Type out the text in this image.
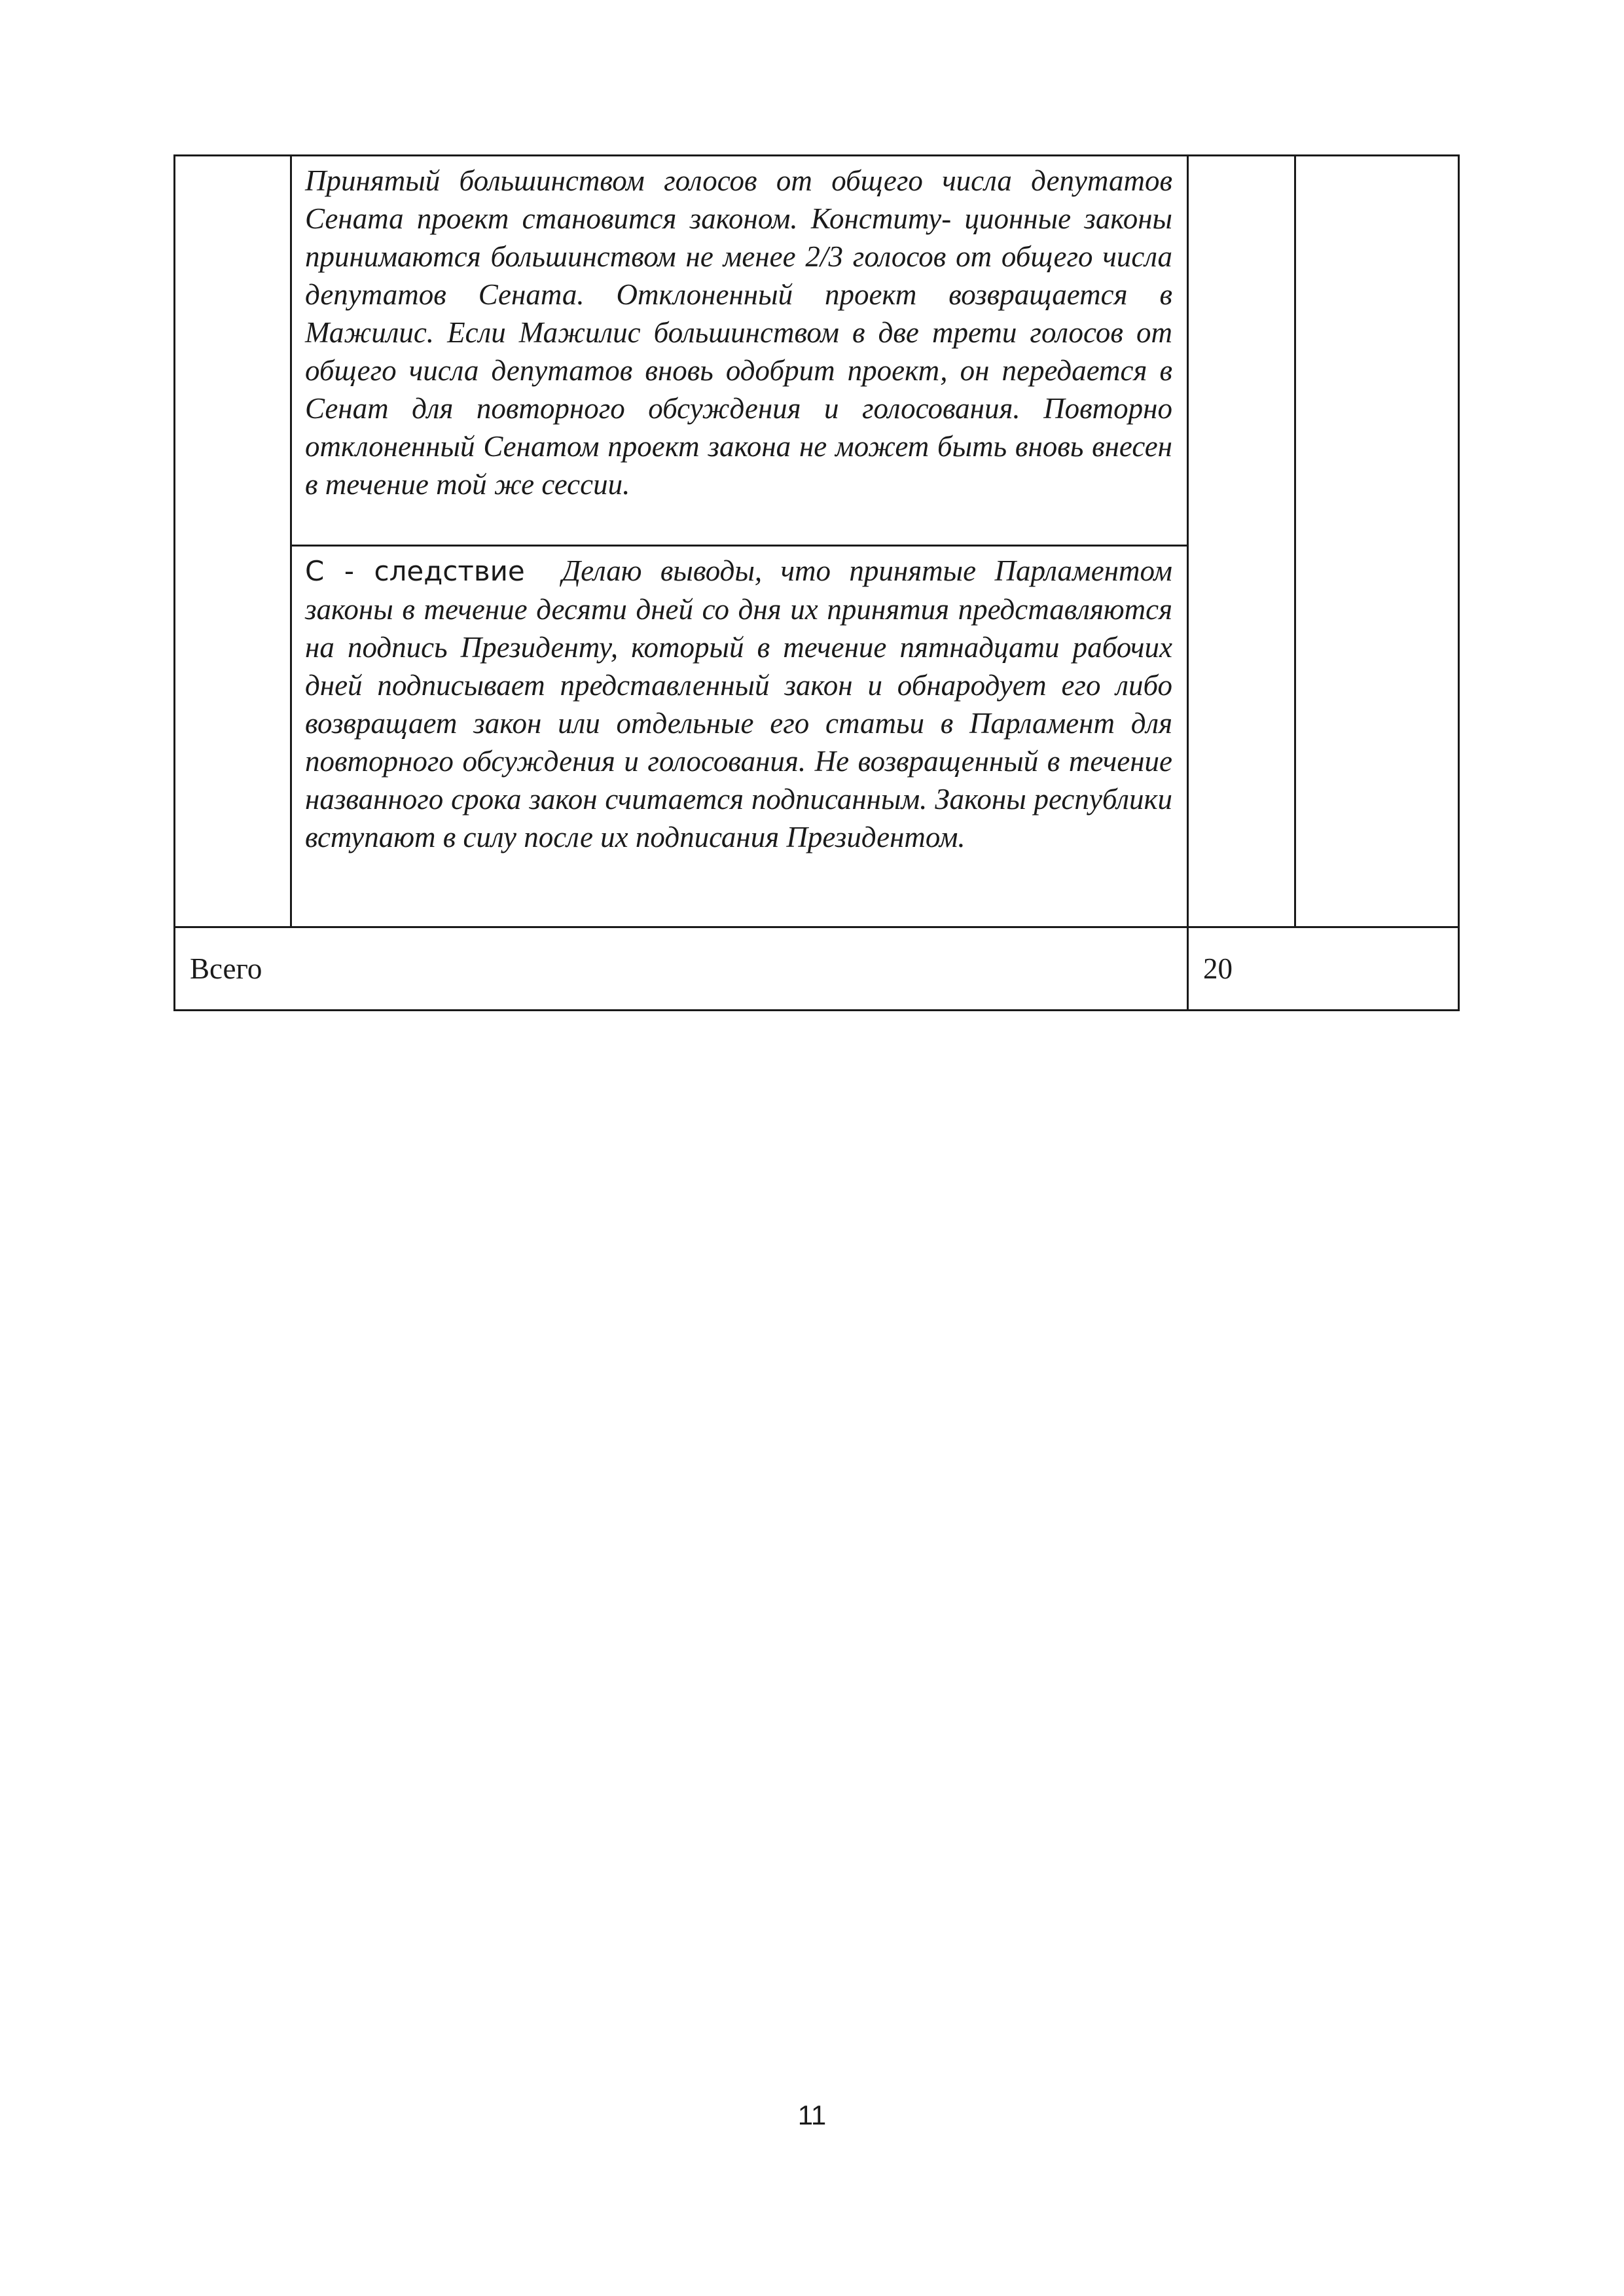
	Принятый большинством голосов от общего числа депутатов Сената проект становится законом. Конститу- ционные законы принимаются большинством не менее 2/3 голосов от общего числа депутатов Сената. Отклоненный проект возвращается в Мажилис. Если Мажилис большинством в две трети голосов от общего числа депутатов вновь одобрит проект, он передается в Сенат для повторного обсуждения и голосования. Повторно отклоненный Сенатом проект закона не может быть вновь внесен в течение той же сессии.		

	С - следствие Делаю выводы, что принятые Парламентом законы в течение десяти дней со дня их принятия представляются на подпись Президенту, который в течение пятнадцати рабочих дней подписывает представленный закон и обнародует его либо возвращает закон или отдельные его статьи в Парламент для повторного обсуждения и голосования. Не возвращенный в течение названного срока закон считается подписанным. Законы республики вступают в силу после их подписания Президентом.		

Всего		20	
11
